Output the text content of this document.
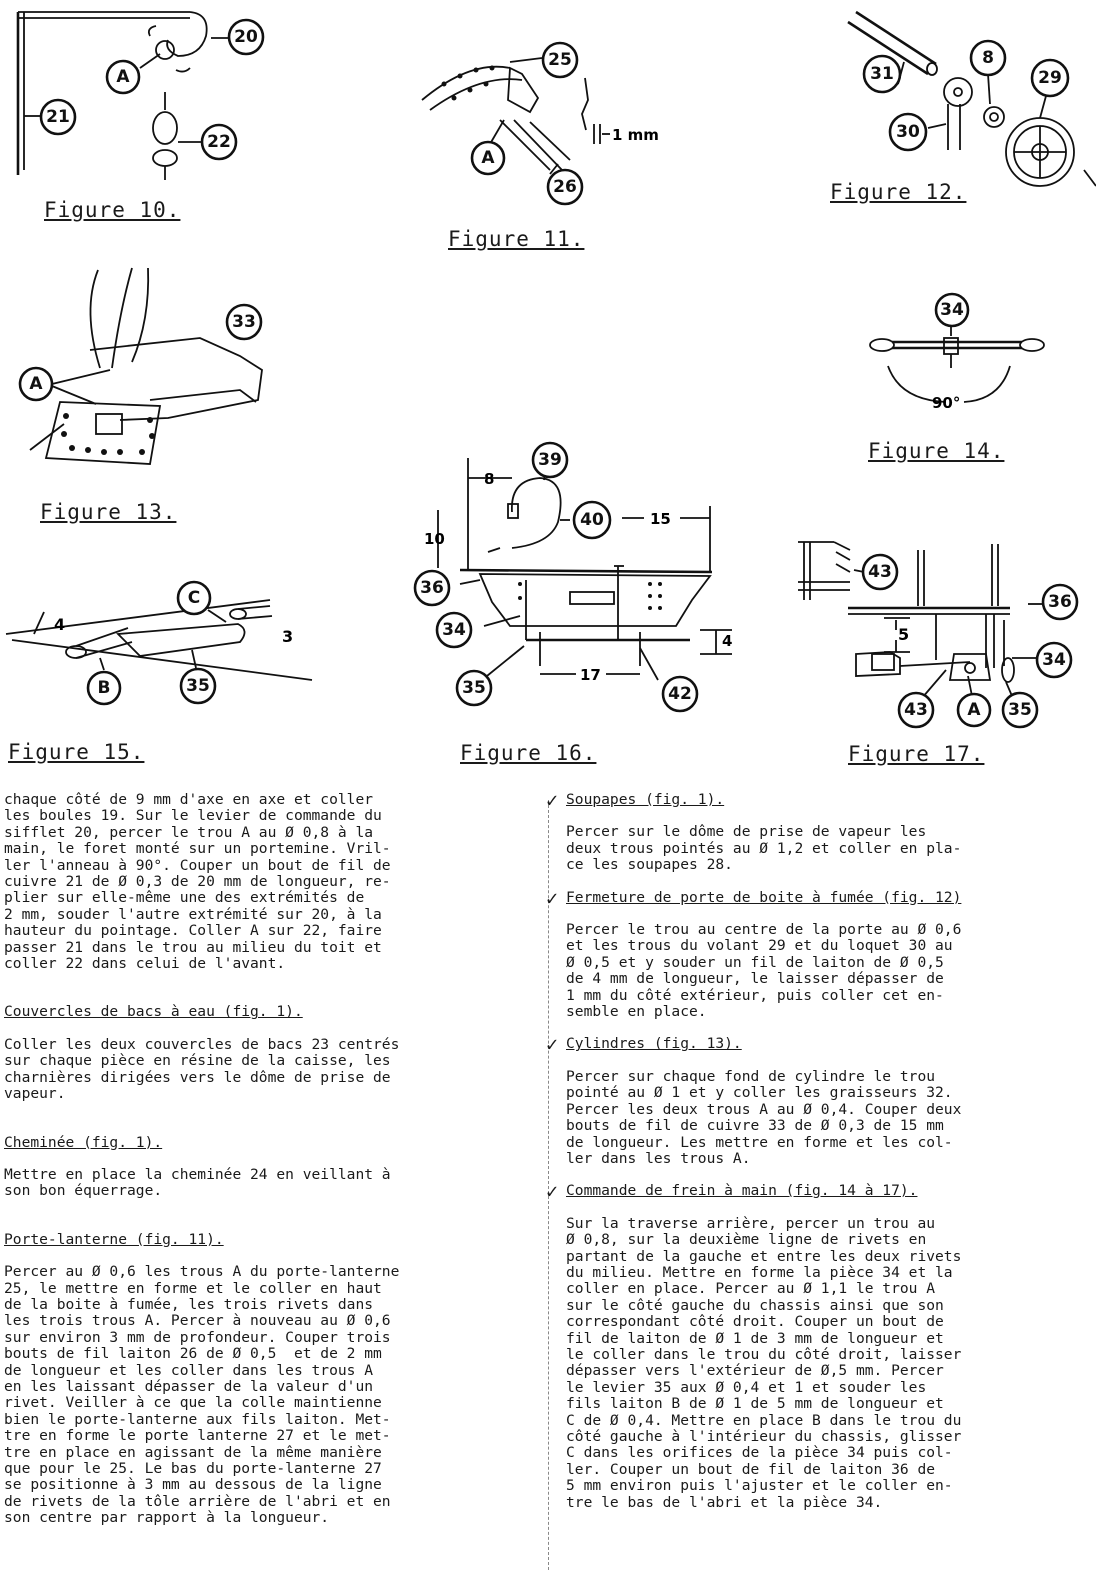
20
21
22
A
Figure 10.
1 mm
25
26
A
Figure 11.
31
8
29
30
Figure 12.
33
A
Figure 13.
34
90°
Figure 14.
4
3
C
B	35
Figure 15.
8
15
10
17
4
39
40
36
34
35	42
Figure 16.
5
43
36
34
43 A 35
Figure 17.

chaque côté de 9 mm d'axe en axe et coller

les boules 19. Sur le levier de commande du

sifflet 20, percer le trou A au Ø 0,8 à la

main, le foret monté sur un portemine. Vril-

ler l'anneau à 90°. Couper un bout de fil de

cuivre 21 de Ø 0,3 de 20 mm de longueur, re-

plier sur elle-même une des extrémités de

2 mm, souder l'autre extrémité sur 20, à la

hauteur du pointage. Coller A sur 22, faire

passer 21 dans le trou au milieu du toit et

coller 22 dans celui de l'avant.

Couvercles de bacs à eau (fig. 1).

Coller les deux couvercles de bacs 23 centrés

sur chaque pièce en résine de la caisse, les

charnières dirigées vers le dôme de prise de

vapeur.

Cheminée (fig. 1).

Mettre en place la cheminée 24 en veillant à

son bon équerrage.

Porte-lanterne (fig. 11).

Percer au Ø 0,6 les trous A du porte-lanterne

25, le mettre en forme et le coller en haut

de la boite à fumée, les trois rivets dans

les trois trous A. Percer à nouveau au Ø 0,6

sur environ 3 mm de profondeur. Couper trois

bouts de fil laiton 26 de Ø 0,5  et de 2 mm

de longueur et les coller dans les trous A

en les laissant dépasser de la valeur d'un

rivet. Veiller à ce que la colle maintienne

bien le porte-lanterne aux fils laiton. Met-

tre en forme le porte lanterne 27 et le met-

tre en place en agissant de la même manière

que pour le 25. Le bas du porte-lanterne 27

se positionne à 3 mm au dessous de la ligne

de rivets de la tôle arrière de l'abri et en

son centre par rapport à la longueur.

✓ Soupapes (fig. 1).

Percer sur le dôme de prise de vapeur les

deux trous pointés au Ø 1,2 et coller en pla-

ce les soupapes 28.

✓ Fermeture de porte de boite à fumée (fig. 12)

Percer le trou au centre de la porte au Ø 0,6

et les trous du volant 29 et du loquet 30 au

Ø 0,5 et y souder un fil de laiton de Ø 0,5

de 4 mm de longueur, le laisser dépasser de

1 mm du côté extérieur, puis coller cet en-

semble en place.

✓ Cylindres (fig. 13).

Percer sur chaque fond de cylindre le trou

pointé au Ø 1 et y coller les graisseurs 32.

Percer les deux trous A au Ø 0,4. Couper deux

bouts de fil de cuivre 33 de Ø 0,3 de 15 mm

de longueur. Les mettre en forme et les col-

ler dans les trous A.

✓ Commande de frein à main (fig. 14 à 17).

Sur la traverse arrière, percer un trou au

Ø 0,8, sur la deuxième ligne de rivets en

partant de la gauche et entre les deux rivets

du milieu. Mettre en forme la pièce 34 et la

coller en place. Percer au Ø 1,1 le trou A

sur le côté gauche du chassis ainsi que son

correspondant côté droit. Couper un bout de

fil de laiton de Ø 1 de 3 mm de longueur et

le coller dans le trou du côté droit, laisser

dépasser vers l'extérieur de Ø,5 mm. Percer

le levier 35 aux Ø 0,4 et 1 et souder les

fils laiton B de Ø 1 de 5 mm de longueur et

C de Ø 0,4. Mettre en place B dans le trou du

côté gauche à l'intérieur du chassis, glisser

C dans les orifices de la pièce 34 puis col-

ler. Couper un bout de fil de laiton 36 de

5 mm environ puis l'ajuster et le coller en-

tre le bas de l'abri et la pièce 34.
